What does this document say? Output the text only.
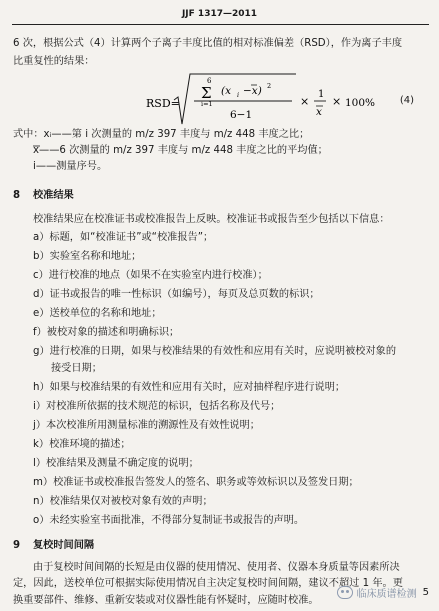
JJF 1317—2011
6 次，根据公式（4）计算两个子离子丰度比值的相对标准偏差（RSD），作为离子丰度
比重复性的结果：
RSD=
6
Σ
i=1
(x i −x) 2
6−1
×
1
x
× 100% (4)
式中：xᵢ——第 i 次测量的 m/z 397 丰度与 m/z 448 丰度之比；
x——6 次测量的 m/z 397 丰度与 m/z 448 丰度之比的平均值；
i——测量序号。
8 校准结果
校准结果应在校准证书或校准报告上反映。校准证书或报告至少包括以下信息：
a）标题，如“校准证书”或“校准报告”；
b）实验室名称和地址；
c）进行校准的地点（如果不在实验室内进行校准）；
d）证书或报告的唯一性标识（如编号），每页及总页数的标识；
e）送校单位的名称和地址；
f）被校对象的描述和明确标识；
g）进行校准的日期，如果与校准结果的有效性和应用有关时，应说明被校对象的
接受日期；
h）如果与校准结果的有效性和应用有关时，应对抽样程序进行说明；
i）对校准所依据的技术规范的标识，包括名称及代号；
j）本次校准所用测量标准的溯源性及有效性说明；
k）校准环境的描述；
l）校准结果及测量不确定度的说明；
m）校准证书或校准报告签发人的签名、职务或等效标识以及签发日期；
n）校准结果仅对被校对象有效的声明；
o）未经实验室书面批准，不得部分复制证书或报告的声明。
9 复校时间间隔
由于复校时间间隔的长短是由仪器的使用情况、使用者、仪器本身质量等因素所决
定，因此，送校单位可根据实际使用情况自主决定复校时间间隔，建议不超过 1 年。更
换重要部件、维修、重新安装或对仪器性能有怀疑时，应随时校准。
临床质谱检测 5
